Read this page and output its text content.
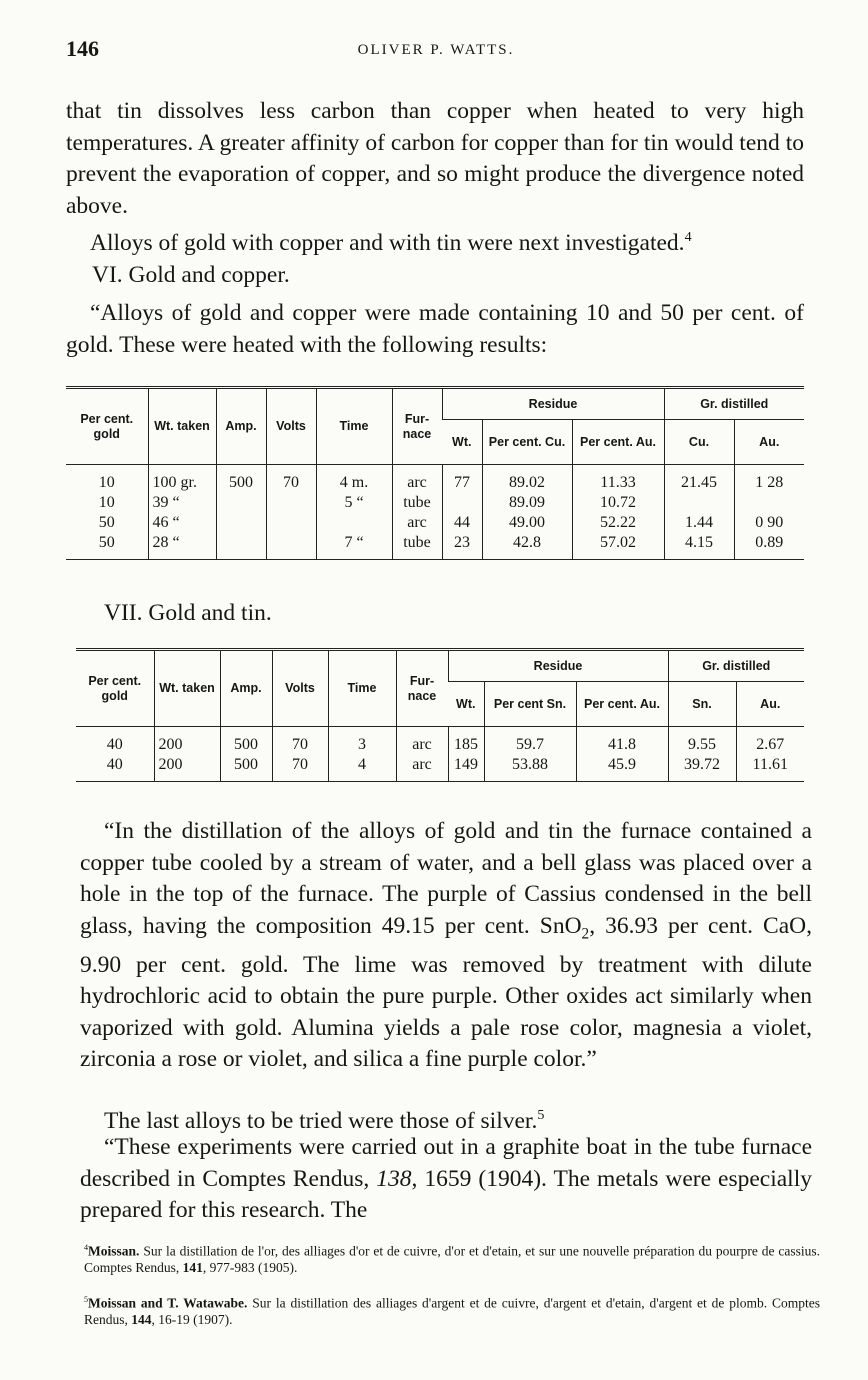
146	OLIVER P. WATTS.

that tin dissolves less carbon than copper when heated to very high temperatures. A greater affinity of carbon for copper than for tin would tend to prevent the evaporation of copper, and so might produce the divergence noted above.

Alloys of gold with copper and with tin were next investigated.$^4$

VI. Gold and copper.

“Alloys of gold and copper were made containing 10 and 50 per cent. of gold. These were heated with the following results:

Per cent. gold	Wt. taken	Amp.	Volts	Time	Fur- nace	Residue			Gr. distilled	
						Wt.	Per cent. Cu.	Per cent. Au.	Cu.	Au.
10	100 gr.	500	70	4 m.	arc	77	89.02	11.33	21.45	1 28
10	39 “			5 “	tube		89.09	10.72		
50	46 “				arc	44	49.00	52.22	1.44	0 90
50	28 “			7 “	tube	23	42.8	57.02	4.15	0.89

VII. Gold and tin.

Per cent. gold	Wt. taken	Amp.	Volts	Time	Fur- nace	Residue			Gr. distilled	
						Wt.	Per cent Sn.	Per cent. Au.	Sn.	Au.
40	200	500	70	3	arc	185	59.7	41.8	9.55	2.67
40	200	500	70	4	arc	149	53.88	45.9	39.72	11.61

“In the distillation of the alloys of gold and tin the furnace contained a copper tube cooled by a stream of water, and a bell glass was placed over a hole in the top of the furnace. The purple of Cassius condensed in the bell glass, having the composition 49.15 per cent. SnO$_2$, 36.93 per cent. CaO, 9.90 per cent. gold. The lime was removed by treatment with dilute hydrochloric acid to obtain the pure purple. Other oxides act similarly when vaporized with gold. Alumina yields a pale rose color, magnesia a violet, zirconia a rose or violet, and silica a fine purple color.”

The last alloys to be tried were those of silver.$^5$

“These experiments were carried out in a graphite boat in the tube furnace described in Comptes Rendus, 138, 1659 (1904). The metals were especially prepared for this research. The

$^4$Moissan. Sur la distillation de l'or, des alliages d'or et de cuivre, d'or et d'etain, et sur une nouvelle préparation du pourpre de cassius. Comptes Rendus, 141, 977-983 (1905).

$^5$Moissan and T. Watawabe. Sur la distillation des alliages d'argent et de cuivre, d'argent et d'etain, d'argent et de plomb. Comptes Rendus, 144, 16-19 (1907).
